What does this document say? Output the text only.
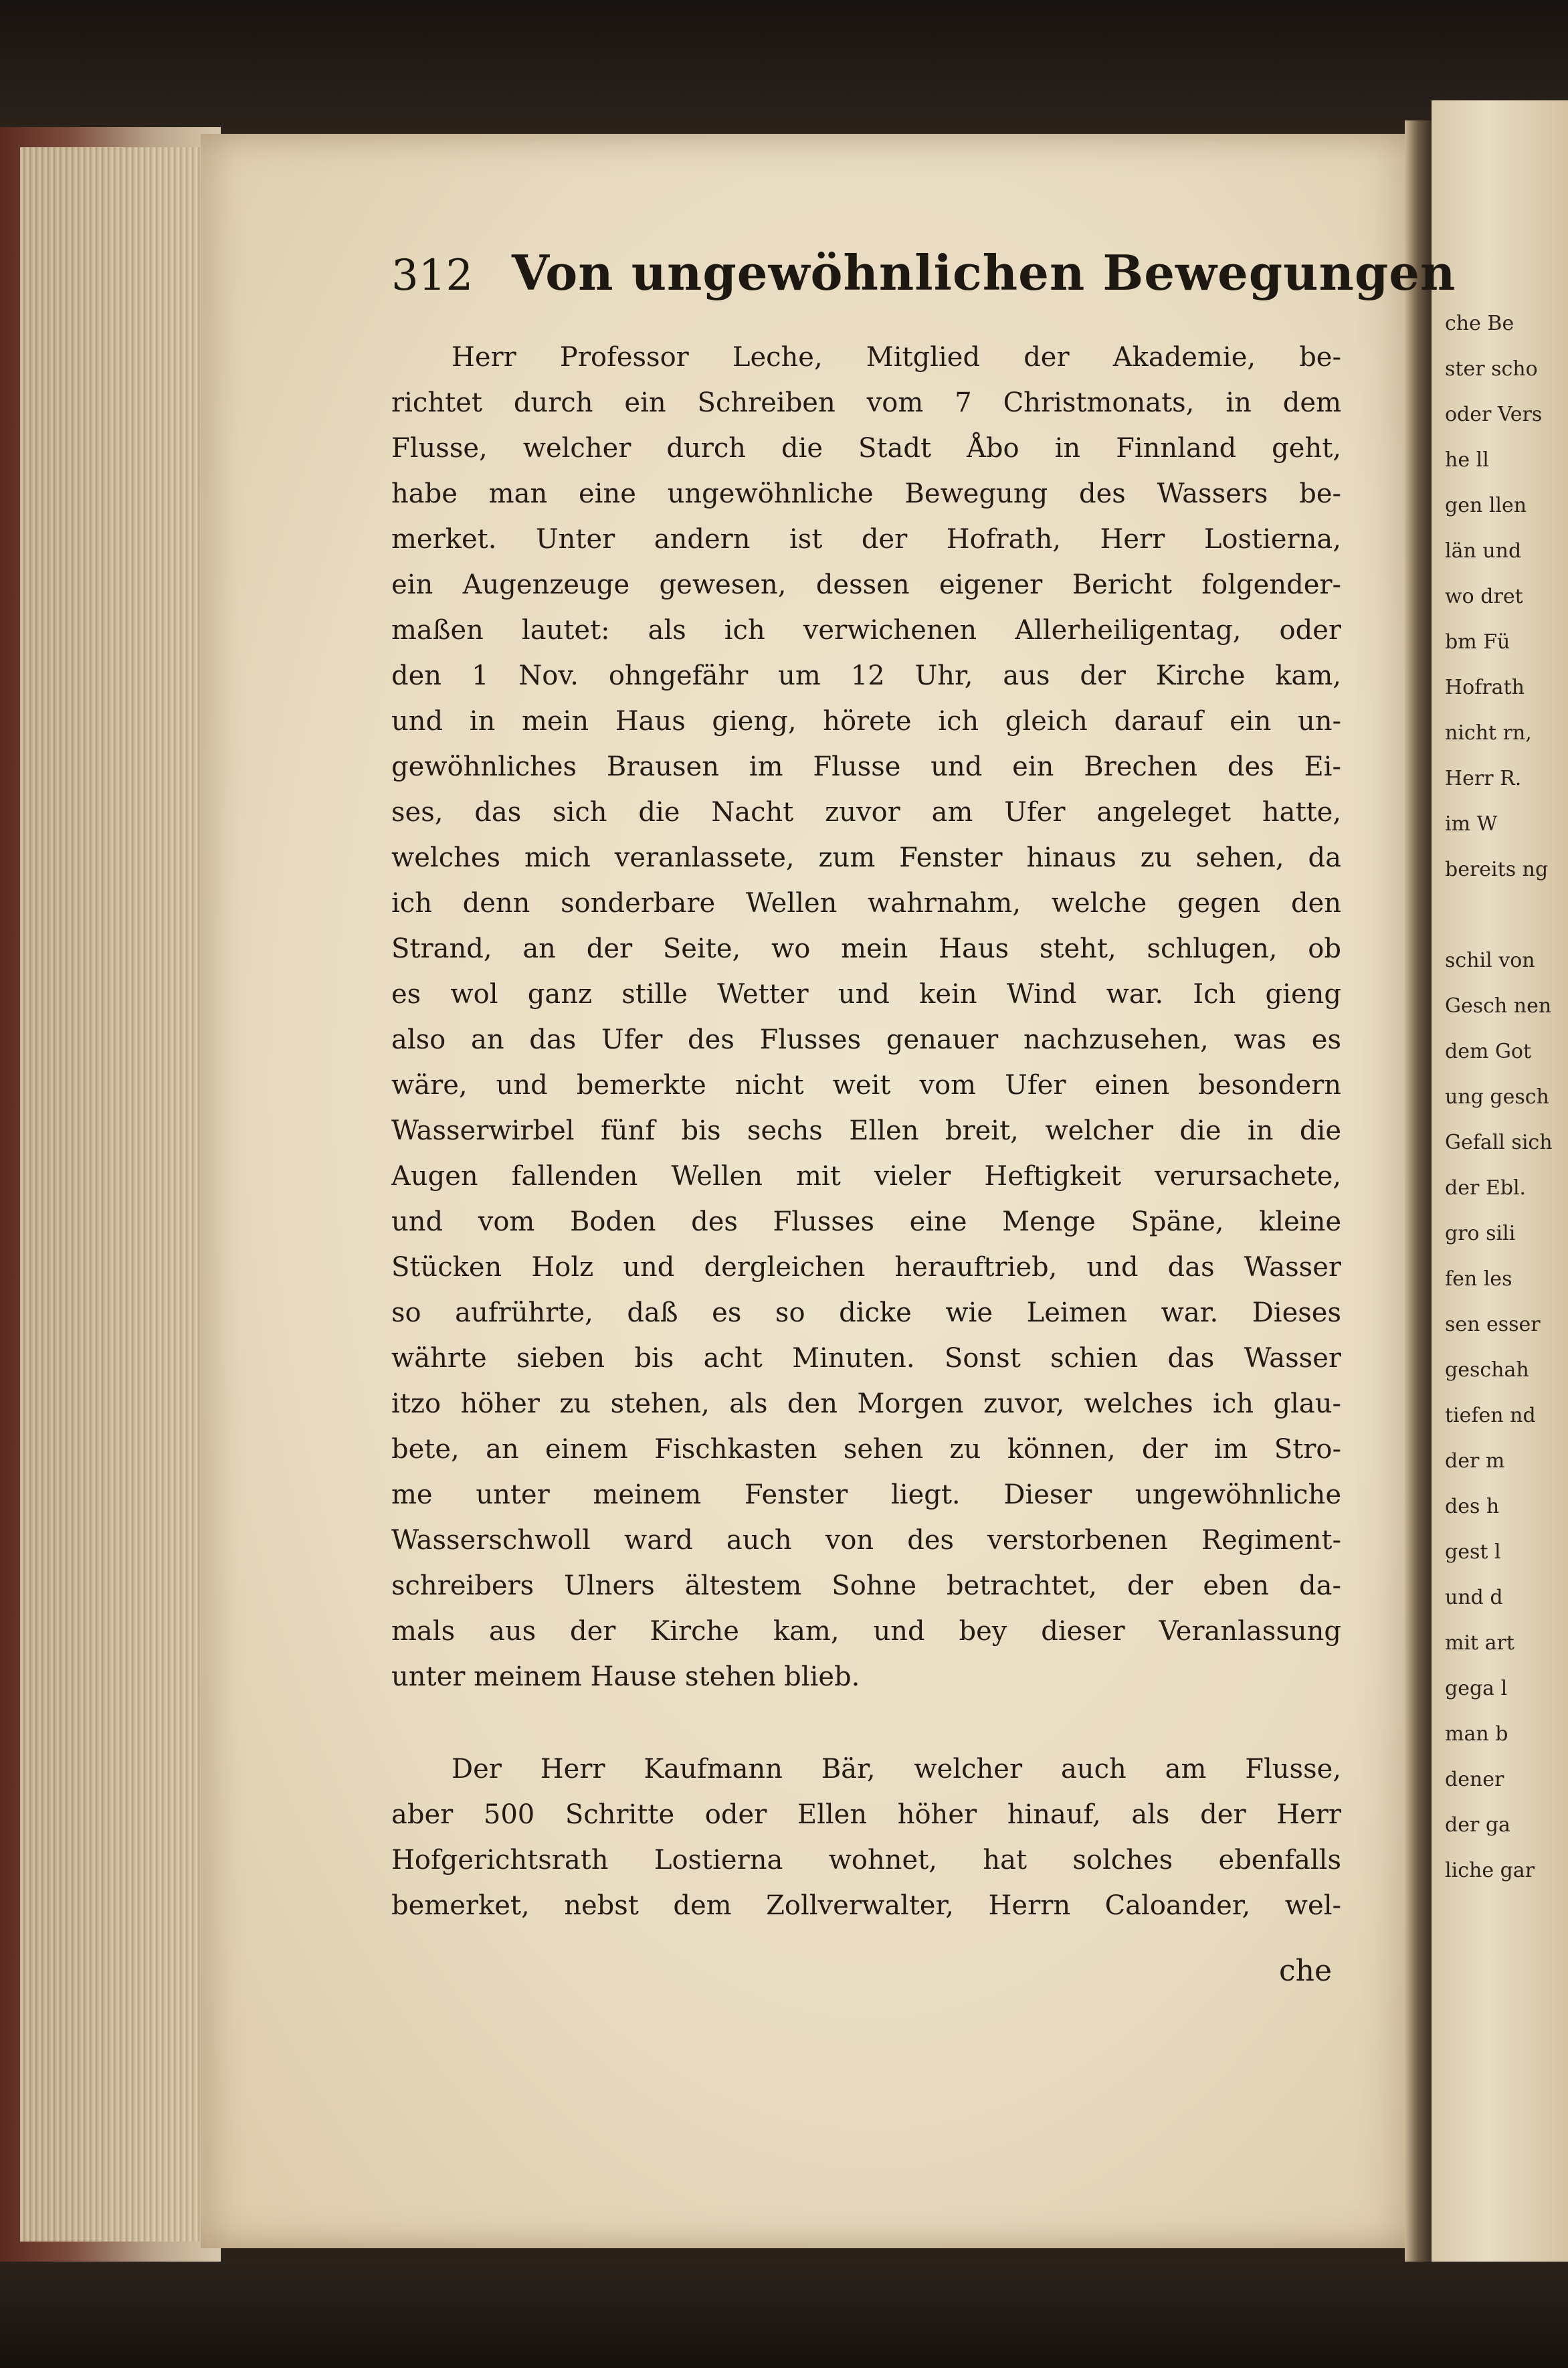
che Be
ster scho
oder Vers
he ll
gen llen
län und
wo dret
bm Fü
Hofrath
nicht rn,
Herr R.
im W
bereits ng
schil von
Gesch nen
dem Got
ung gesch
Gefall sich
der Ebl.
gro sili
fen les
sen esser
geschah
tiefen nd
der m
des h
gest l
und d
mit art
gega l
man b
dener
der ga
liche gar
312 Von ungewöhnlichen Bewegungen
Herr Professor Leche, Mitglied der Akademie, be-
richtet durch ein Schreiben vom 7 Christmonats, in dem
Flusse, welcher durch die Stadt Åbo in Finnland geht,
habe man eine ungewöhnliche Bewegung des Wassers be-
merket. Unter andern ist der Hofrath, Herr Lostierna,
ein Augenzeuge gewesen, dessen eigener Bericht folgender-
maßen lautet: als ich verwichenen Allerheiligentag, oder
den 1 Nov. ohngefähr um 12 Uhr, aus der Kirche kam,
und in mein Haus gieng, hörete ich gleich darauf ein un-
gewöhnliches Brausen im Flusse und ein Brechen des Ei-
ses, das sich die Nacht zuvor am Ufer angeleget hatte,
welches mich veranlassete, zum Fenster hinaus zu sehen, da
ich denn sonderbare Wellen wahrnahm, welche gegen den
Strand, an der Seite, wo mein Haus steht, schlugen, ob
es wol ganz stille Wetter und kein Wind war. Ich gieng
also an das Ufer des Flusses genauer nachzusehen, was es
wäre, und bemerkte nicht weit vom Ufer einen besondern
Wasserwirbel fünf bis sechs Ellen breit, welcher die in die
Augen fallenden Wellen mit vieler Heftigkeit verursachete,
und vom Boden des Flusses eine Menge Späne, kleine
Stücken Holz und dergleichen herauftrieb, und das Wasser
so aufrührte, daß es so dicke wie Leimen war. Dieses
währte sieben bis acht Minuten. Sonst schien das Wasser
itzo höher zu stehen, als den Morgen zuvor, welches ich glau-
bete, an einem Fischkasten sehen zu können, der im Stro-
me unter meinem Fenster liegt. Dieser ungewöhnliche
Wasserschwoll ward auch von des verstorbenen Regiment-
schreibers Ulners ältestem Sohne betrachtet, der eben da-
mals aus der Kirche kam, und bey dieser Veranlassung
unter meinem Hause stehen blieb.
Der Herr Kaufmann Bär, welcher auch am Flusse,
aber 500 Schritte oder Ellen höher hinauf, als der Herr
Hofgerichtsrath Lostierna wohnet, hat solches ebenfalls
bemerket, nebst dem Zollverwalter, Herrn Caloander, wel-
che
